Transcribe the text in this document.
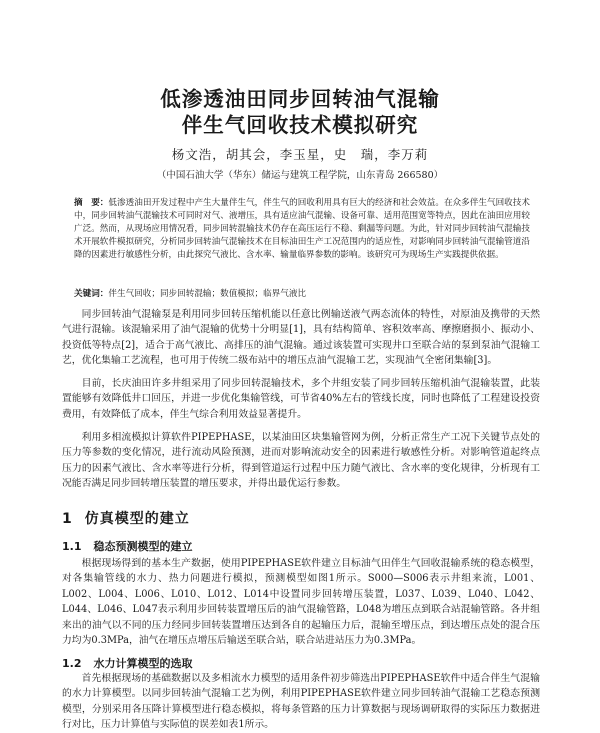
低渗透油田同步回转油气混输
伴生气回收技术模拟研究
杨文浩，胡其会，李玉星，史　瑞，李万莉
（中国石油大学（华东）储运与建筑工程学院，山东青岛 266580）
摘　要：低渗透油田开发过程中产生大量伴生气，伴生气的回收利用具有巨大的经济和社会效益。在众多伴生气回收技术中，同步回转油气混输技术可同时对气、液增压，具有适应油气混输、设备可靠、适用范围宽等特点，因此在油田应用较广泛。然而，从现场应用情况看，同步回转混输技术仍存在高压运行不稳、剩漏等问题。为此，针对同步回转油气混输技术开展软件模拟研究，分析同步回转油气混输技术在目标油田生产工况范围内的适应性，对影响同步回转油气混输管道沿降的因素进行敏感性分析，由此探究气液比、含水率、输量临界参数的影响。该研究可为现场生产实践提供依据。
关键词：伴生气回收；同步回转混输；数值模拟；临界气液比
同步回转油气混输泵是利用同步回转压缩机能以任意比例输送液气两态流体的特性，对原油及携带的天然气进行混输。该混输采用了油气混输的优势十分明显[1]，具有结构简单、容积效率高、摩擦磨损小、振动小、投资低等特点[2]，适合于高气液比、高排压的油气混输。通过该装置可实现井口至联合站的泵到泵油气混输工艺，优化集输工艺流程，也可用于传统二级布站中的增压点油气混输工艺，实现油气全密闭集输[3]。
目前，长庆油田许多井组采用了同步回转混输技术，多个井组安装了同步回转压缩机油气混输装置，此装置能够有效降低井口回压，并进一步优化集输管线，可节省40%左右的管线长度，同时也降低了工程建设投资费用，有效降低了成本，伴生气综合利用效益显著提升。
利用多相流模拟计算软件PIPEPHASE，以某油田区块集输管网为例，分析正常生产工况下关键节点处的压力等参数的变化情况，进行流动风险预测，进而对影响流动安全的因素进行敏感性分析。对影响管道起终点压力的因素气液比、含水率等进行分析，得到管道运行过程中压力随气液比、含水率的变化规律，分析现有工况能否满足同步回转增压装置的增压要求，并得出最优运行参数。
1 仿真模型的建立
1.1 稳态预测模型的建立
根据现场得到的基本生产数据，使用PIPEPHASE软件建立目标油气田伴生气回收混输系统的稳态模型，对各集输管线的水力、热力问题进行模拟，预测模型如图1所示。S000—S006表示井组来流，L001、L002、L004、L006、L010、L012、L014中设置同步回转增压装置，L037、L039、L040、L042、L044、L046、L047表示利用步回转装置增压后的油气混输管路，L048为增压点到联合站混输管路。各井组来出的油气以不同的压力经同步回转装置增压达到各自的起输压力后，混输至增压点，到达增压点处的混合压力均为0.3MPa，油气在增压点增压后输送至联合站，联合站进站压力为0.3MPa。
1.2 水力计算模型的选取
首先根据现场的基础数据以及多相流水力模型的适用条件初步筛选出PIPEPHASE软件中适合伴生气混输的水力计算模型。以同步回转油气混输工艺为例，利用PIPEPHASE软件建立同步回转油气混输工艺稳态预测模型，分别采用各压降计算模型进行稳态模拟，将每条管路的压力计算数据与现场调研取得的实际压力数据进行对比，压力计算值与实际值的误差如表1所示。
